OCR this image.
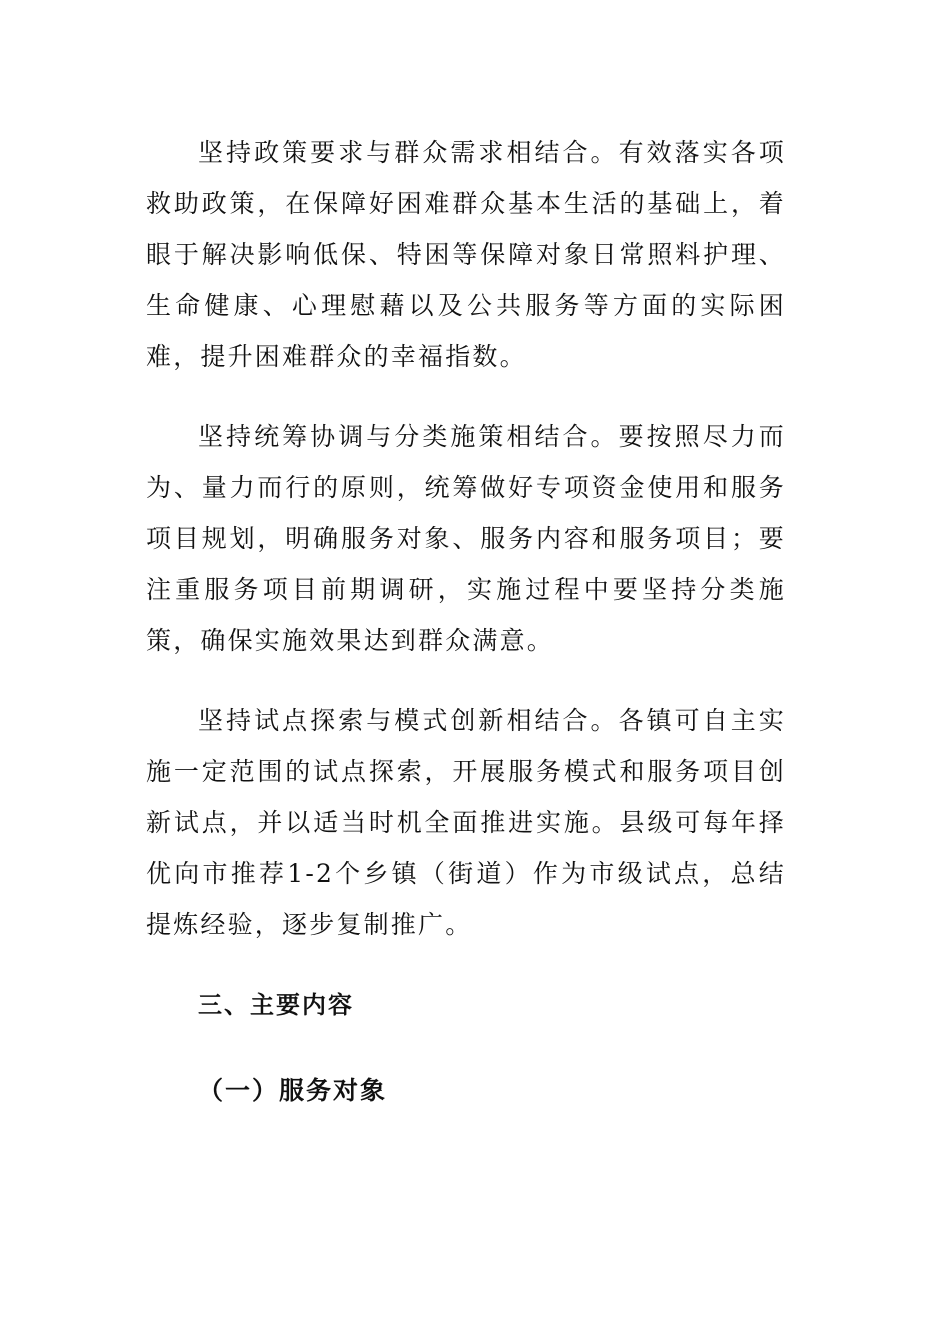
坚持政策要求与群众需求相结合。有效落实各项救助政策，在保障好困难群众基本生活的基础上，着眼于解决影响低保、特困等保障对象日常照料护理、生命健康、心理慰藉以及公共服务等方面的实际困难，提升困难群众的幸福指数。

坚持统筹协调与分类施策相结合。要按照尽力而为、量力而行的原则，统筹做好专项资金使用和服务项目规划，明确服务对象、服务内容和服务项目；要注重服务项目前期调研，实施过程中要坚持分类施策，确保实施效果达到群众满意。

坚持试点探索与模式创新相结合。各镇可自主实施一定范围的试点探索，开展服务模式和服务项目创新试点，并以适当时机全面推进实施。县级可每年择优向市推荐1-2个乡镇（街道）作为市级试点，总结提炼经验，逐步复制推广。

三、主要内容
（一）服务对象
